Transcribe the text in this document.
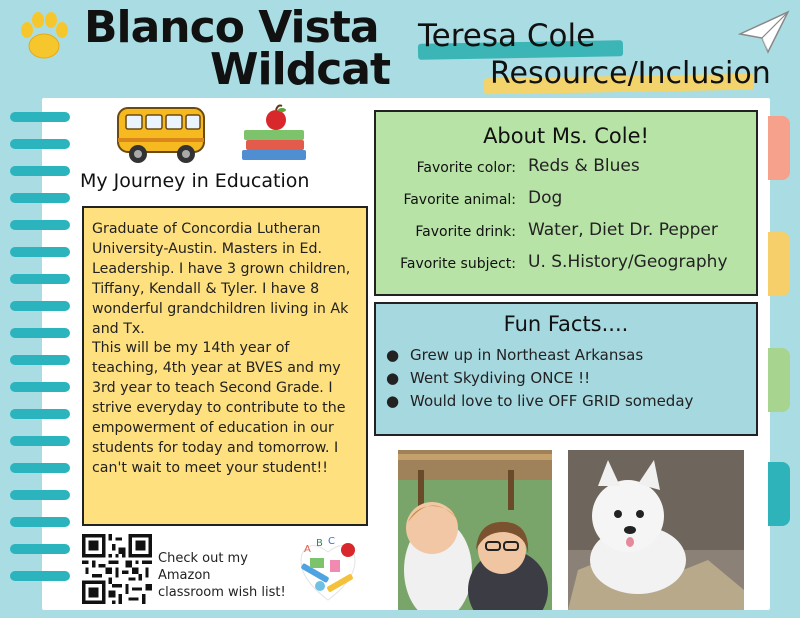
Blanco Vista
Wildcat
Teresa Cole
Resource/Inclusion
My Journey in Education
Graduate of Concordia Lutheran University-Austin. Masters in Ed. Leadership. I have 3 grown children, Tiffany, Kendall & Tyler. I have 8 wonderful grandchildren living in Ak and Tx.
This will be my 14th year of teaching, 4th year at BVES and my 3rd year to teach Second Grade. I strive everyday to contribute to the empowerment of education in our students for today and tomorrow. I can't wait to meet your student!!
About Ms. Cole!
Favorite color: Reds & Blues
Favorite animal: Dog
Favorite drink: Water, Diet Dr. Pepper
Favorite subject: U. S.History/Geography
Fun Facts....
● Grew up in Northeast Arkansas
● Went Skydiving ONCE !!
● Would love to live OFF GRID someday
Check out my
Amazon
classroom wish list!
A
B C
